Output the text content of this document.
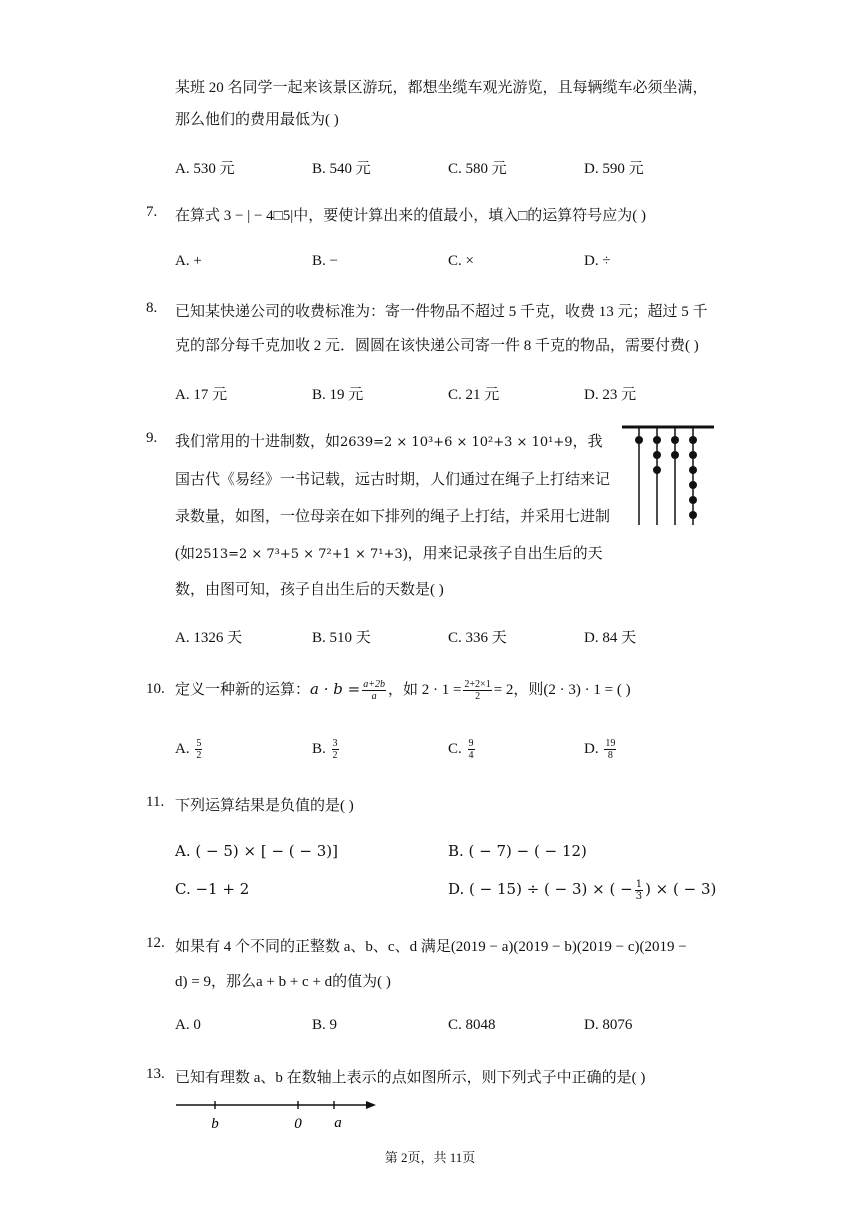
某班 20 名同学一起来该景区游玩，都想坐缆车观光游览，且每辆缆车必须坐满，
那么他们的费用最低为( )
A. 530 元	B. 540 元	C. 580 元	D. 590 元
7. 在算式 3 − | − 4□5|中，要使计算出来的值最小，填入□的运算符号应为( )
A. +	B. −	C. ×	D. ÷
8. 已知某快递公司的收费标准为：寄一件物品不超过 5 千克，收费 13 元；超过 5 千
克的部分每千克加收 2 元．圆圆在该快递公司寄一件 8 千克的物品，需要付费( )
A. 17 元	B. 19 元	C. 21 元	D. 23 元
9. 我们常用的十进制数，如2639=2 × 10³+6 × 10²+3 × 10¹+9，我
国古代《易经》一书记载，远古时期，人们通过在绳子上打结来记
录数量，如图，一位母亲在如下排列的绳子上打结，并采用七进制
(如2513=2 × 7³+5 × 7²+1 × 7¹+3)，用来记录孩子自出生后的天
数，由图可知，孩子自出生后的天数是( )
A. 1326 天	B. 510 天	C. 336 天	D. 84 天
10. 定义一种新的运算：$a \cdot b = \frac{a+2b}{a}$ ，如 $2 \cdot 1 = \frac{2+2\times 1}{2} = 2$，则(2 · 3) · 1 = ( )
A. $\frac{5}{2}$	B. $\frac{3}{2}$	C. $\frac{9}{4}$	D. $\frac{19}{8}$
11. 下列运算结果是负值的是( )
A. ( − 5) × [ − ( − 3)]	B. ( − 7) − ( − 12)
C. −1 + 2	D. ( − 15) ÷ ( − 3) × ( − $\frac{1}{3}$ ) × ( − 3)
12. 如果有 4 个不同的正整数 a、b、c、d 满足(2019 − a)(2019 − b)(2019 − c)(2019 −
d) = 9，那么a + b + c + d的值为( )
A. 0	B. 9	C. 8048	D. 8076
13. 已知有理数 a、b 在数轴上表示的点如图所示，则下列式子中正确的是( )
b	0 a
第 2页，共 11页
